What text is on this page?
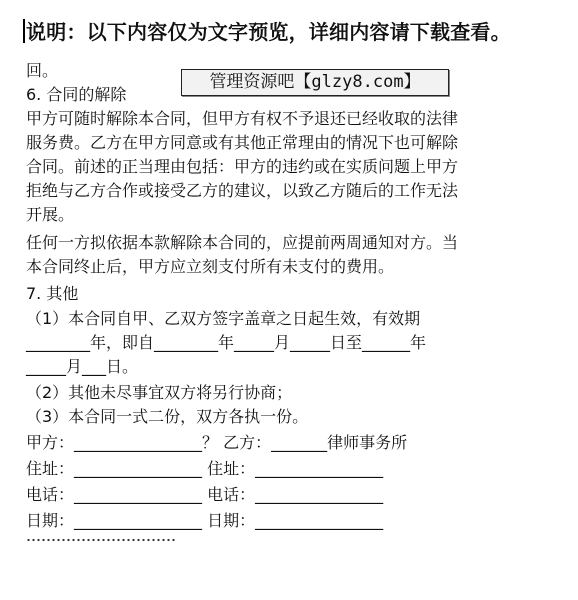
说明：以下内容仅为文字预览，详细内容请下载查看。
回。
6. 合同的解除
甲方可随时解除本合同，但甲方有权不予退还已经收取的法律
服务费。乙方在甲方同意或有其他正常理由的情况下也可解除
合同。前述的正当理由包括：甲方的违约或在实质问题上甲方
拒绝与乙方合作或接受乙方的建议，以致乙方随后的工作无法
开展。
任何一方拟依据本款解除本合同的，应提前两周通知对方。当
本合同终止后，甲方应立刻支付所有未支付的费用。
7. 其他
（1）本合同自甲、乙双方签字盖章之日起生效，有效期
________年，即自________年_____月_____日至______年
_____月___日。
（2）其他未尽事宜双方将另行协商；
（3）本合同一式二份，双方各执一份。
甲方：________________？ 乙方：_______律师事务所
住址：________________ 住址：________________
电话：________________ 电话：________________
日期：________________ 日期：________________
管理资源吧【glzy8.com】
